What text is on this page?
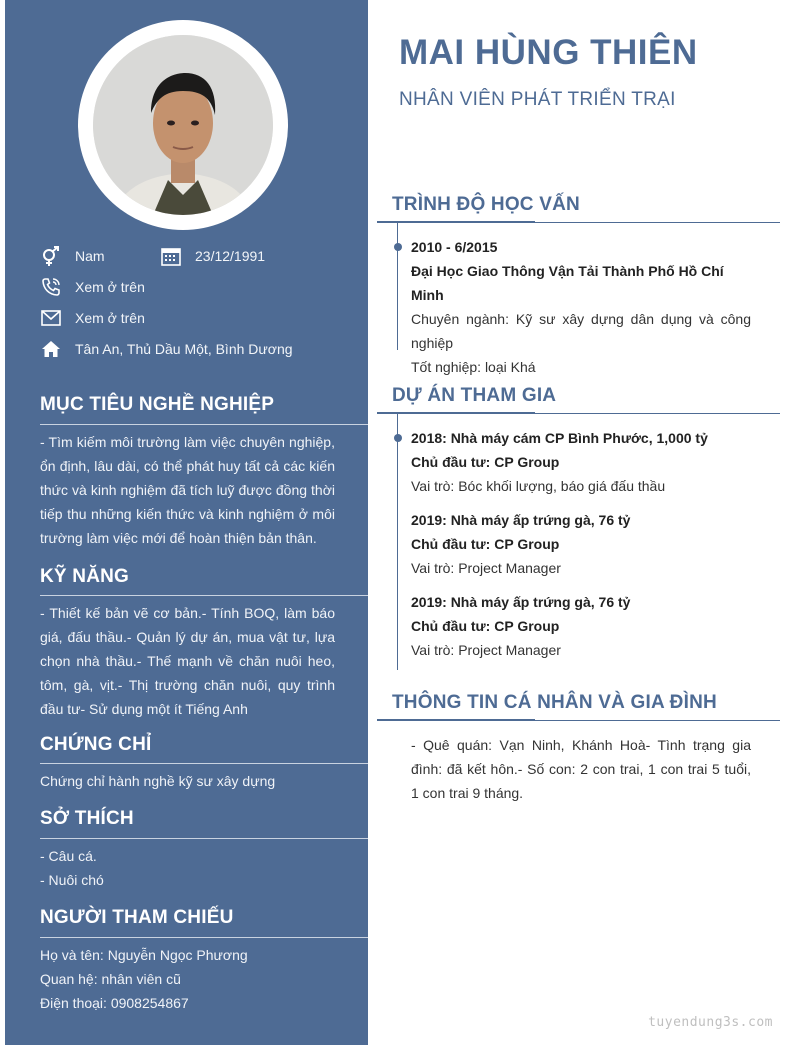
Nam	23/12/1991
Xem ở trên
Xem ở trên
Tân An, Thủ Dầu Một, Bình Dương
MỤC TIÊU NGHỀ NGHIỆP
- Tìm kiếm môi trường làm việc chuyên nghiệp, ổn định, lâu dài, có thể phát huy tất cả các kiến thức và kinh nghiệm đã tích luỹ được đồng thời tiếp thu những kiến thức và kinh nghiệm ở môi trường làm việc mới để hoàn thiện bản thân.
KỸ NĂNG
- Thiết kế bản vẽ cơ bản.- Tính BOQ, làm báo giá, đấu thầu.- Quản lý dự án, mua vật tư, lựa chọn nhà thầu.- Thế mạnh về chăn nuôi heo, tôm, gà, vịt.- Thị trường chăn nuôi, quy trình đầu tư- Sử dụng một ít Tiếng Anh
CHỨNG CHỈ
Chứng chỉ hành nghề kỹ sư xây dựng
SỞ THÍCH
- Câu cá.
- Nuôi chó
NGƯỜI THAM CHIẾU
Họ và tên: Nguyễn Ngọc Phương
Quan hệ: nhân viên cũ
Điện thoại: 0908254867
MAI HÙNG THIÊN
NHÂN VIÊN PHÁT TRIỂN TRẠI
TRÌNH ĐỘ HỌC VẤN
2010 - 6/2015
Đại Học Giao Thông Vận Tải Thành Phố Hồ Chí Minh
Chuyên ngành: Kỹ sư xây dựng dân dụng và công nghiệp
Tốt nghiệp: loại Khá
DỰ ÁN THAM GIA
2018: Nhà máy cám CP Bình Phước, 1,000 tỷ
Chủ đầu tư: CP Group
Vai trò: Bóc khối lượng, báo giá đấu thầu
2019: Nhà máy ấp trứng gà, 76 tỷ
Chủ đầu tư: CP Group
Vai trò: Project Manager
2019: Nhà máy ấp trứng gà, 76 tỷ
Chủ đầu tư: CP Group
Vai trò: Project Manager
THÔNG TIN CÁ NHÂN VÀ GIA ĐÌNH
- Quê quán: Vạn Ninh, Khánh Hoà- Tình trạng gia đình: đã kết hôn.- Số con: 2 con trai, 1 con trai 5 tuổi, 1 con trai 9 tháng.
tuyendung3s.com
